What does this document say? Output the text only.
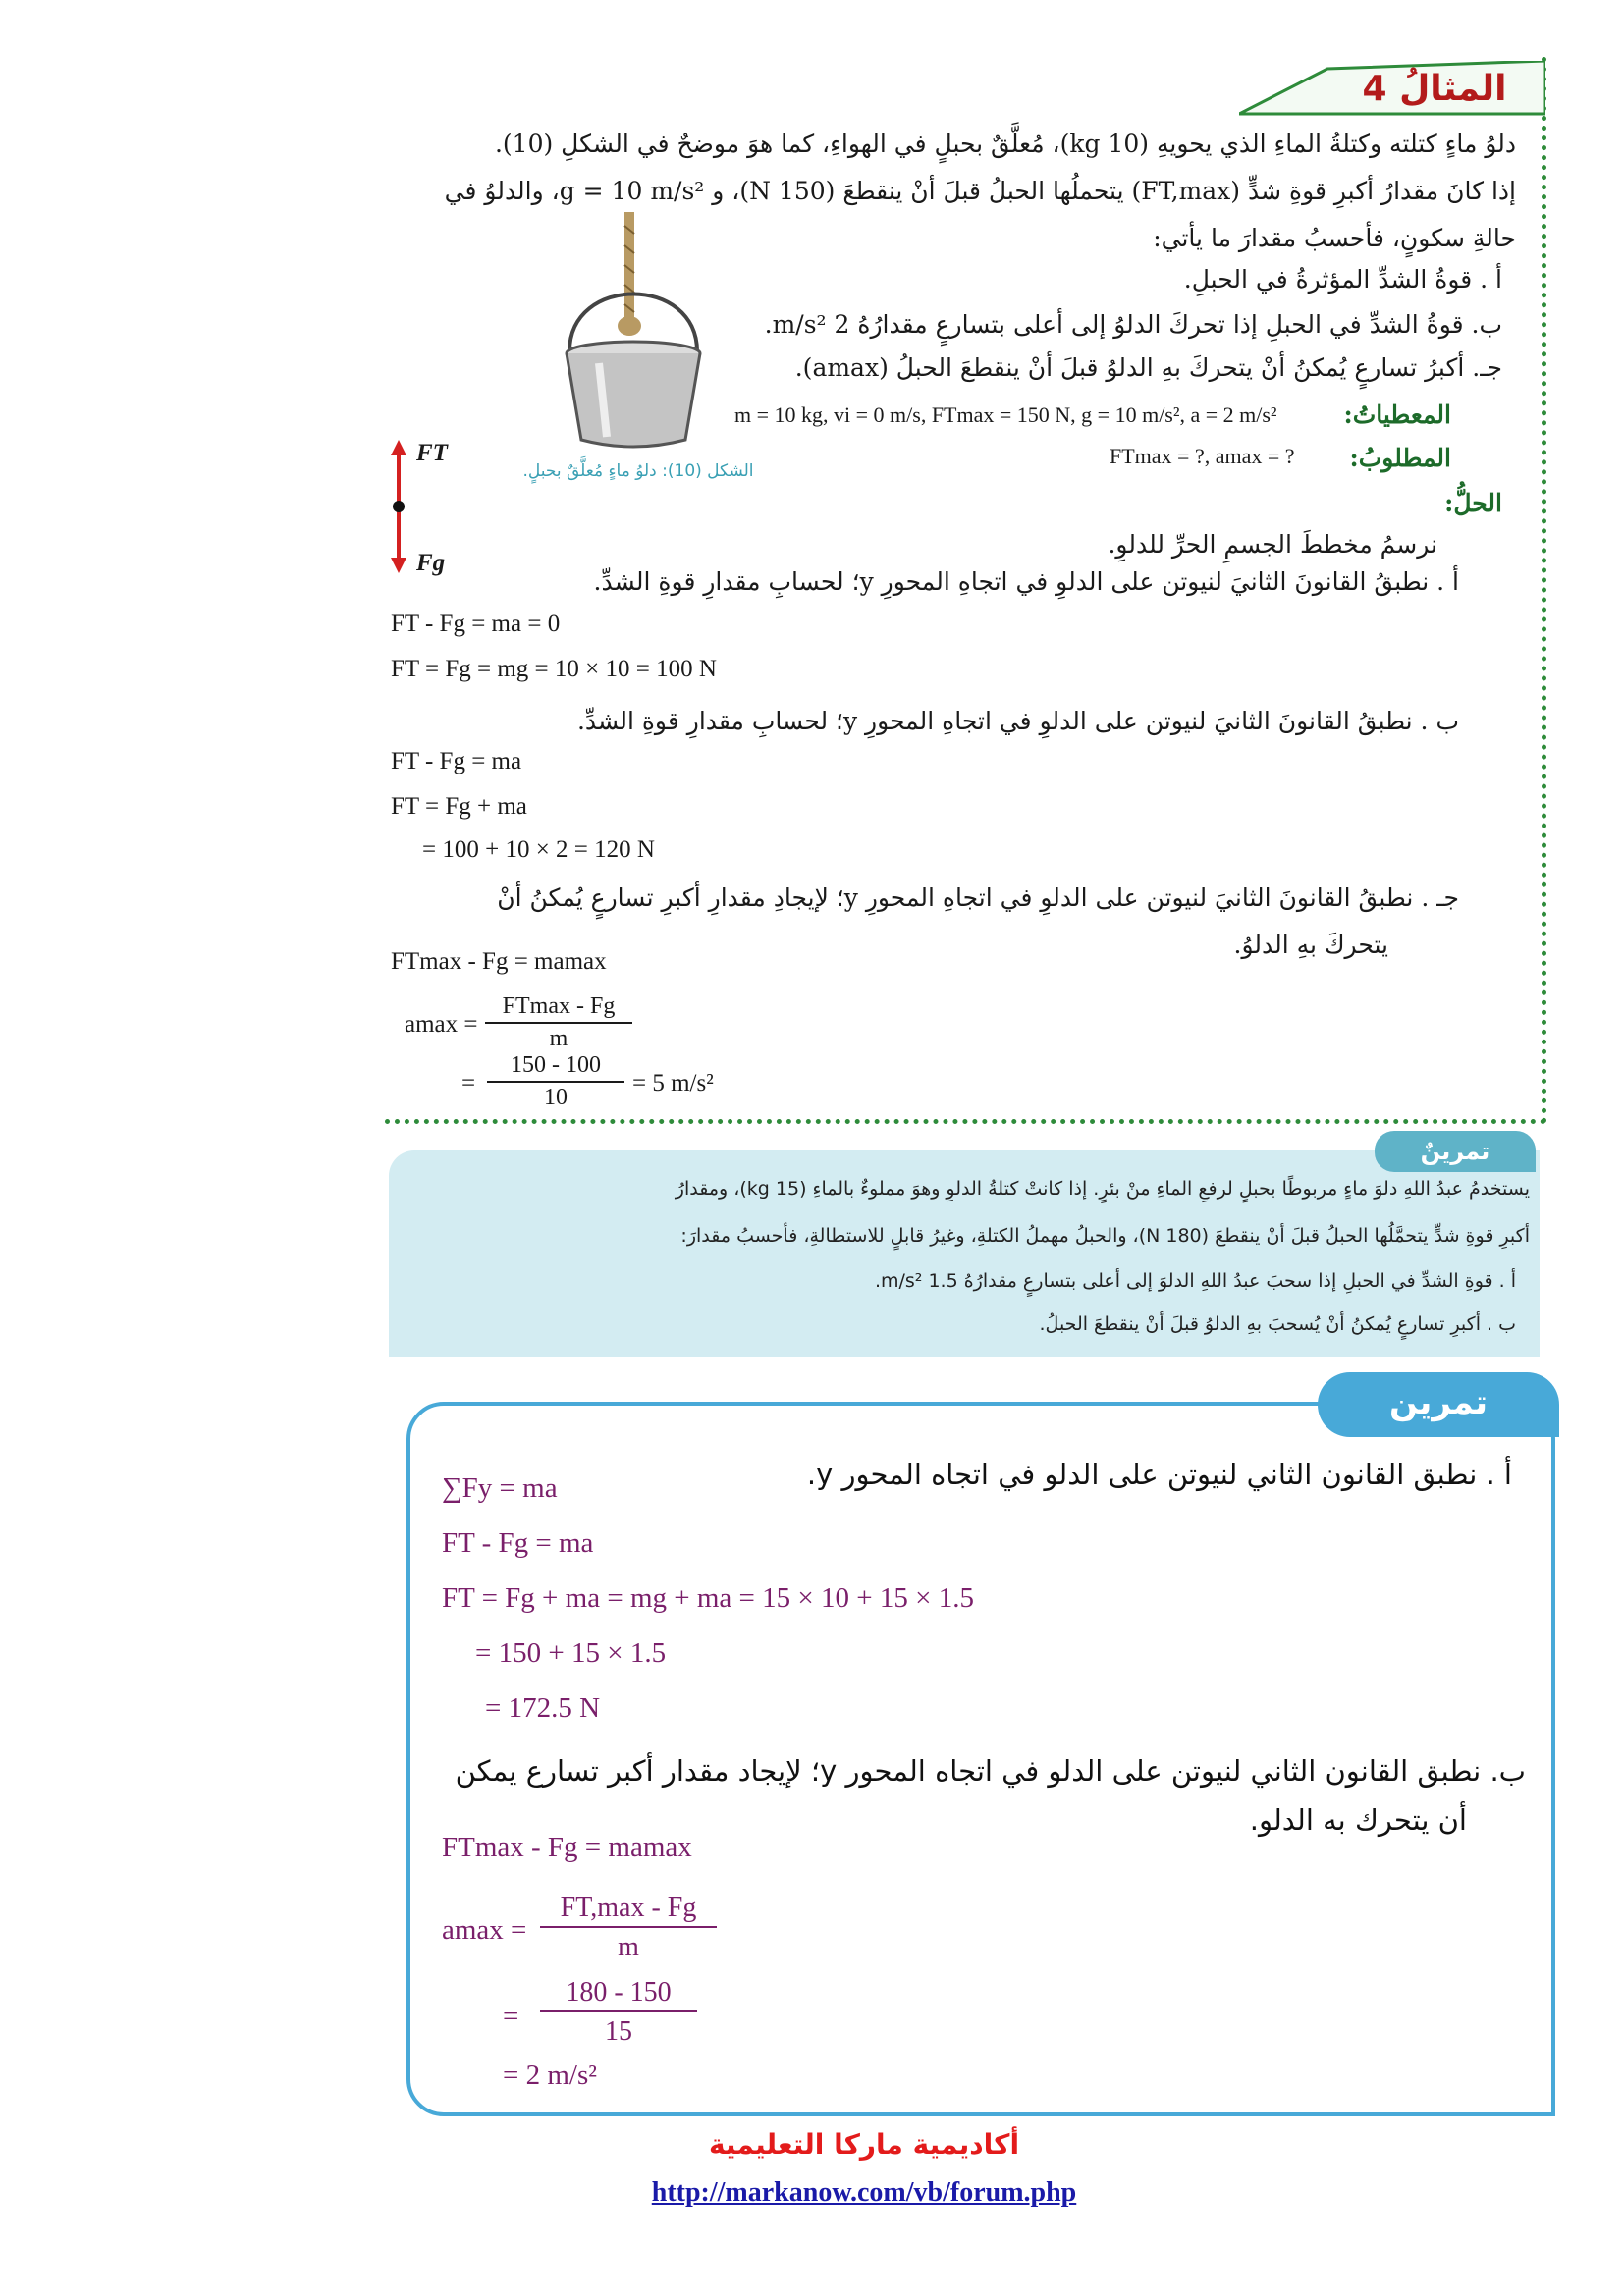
المثالُ 4
دلوُ ماءٍ كتلته وكتلةُ الماءِ الذي يحويهِ (10 kg)، مُعلَّقٌ بحبلٍ في الهواءِ، كما هوَ موضحٌ في الشكلِ (10).
إذا كانَ مقدارُ أكبرِ قوةِ شدٍّ (FT,max) يتحملُها الحبلُ قبلَ أنْ ينقطعَ (150 N)، و g = 10 m/s²، والدلوُ في
حالةِ سكونٍ، فأحسبُ مقدارَ ما يأتي:
أ . قوةُ الشدِّ المؤثرةُ في الحبلِ.
ب. قوةُ الشدِّ في الحبلِ إذا تحركَ الدلوُ إلى أعلى بتسارعٍ مقدارُهُ 2 m/s².
جـ. أكبرُ تسارعٍ يُمكنُ أنْ يتحركَ بهِ الدلوُ قبلَ أنْ ينقطعَ الحبلُ (amax).
الشكل (10): دلوُ ماءٍ مُعلَّقٌ بحبلٍ.
المعطياتُ:
m = 10 kg, vi = 0 m/s, FTmax = 150 N, g = 10 m/s², a = 2 m/s²
المطلوبُ:
FTmax = ?, amax = ?
الحلُّ:
FT
Fg
نرسمُ مخططَ الجسمِ الحرِّ للدلوِ.
أ . نطبقُ القانونَ الثانيَ لنيوتن على الدلوِ في اتجاهِ المحورِ y؛ لحسابِ مقدارِ قوةِ الشدِّ.
FT - Fg = ma = 0
FT = Fg = mg = 10 × 10 = 100 N
ب . نطبقُ القانونَ الثانيَ لنيوتن على الدلوِ في اتجاهِ المحورِ y؛ لحسابِ مقدارِ قوةِ الشدِّ.
FT - Fg = ma
FT = Fg + ma
= 100 + 10 × 2 = 120 N
جـ . نطبقُ القانونَ الثانيَ لنيوتن على الدلوِ في اتجاهِ المحورِ y؛ لإيجادِ مقدارِ أكبرِ تسارعٍ يُمكنُ أنْ
يتحركَ بهِ الدلوُ.
FTmax - Fg = mamax
amax =
FTmax - Fg
m
= $\frac{150 - 100}{10} = 5$ m/s²
تمرينٌ
يستخدمُ عبدُ اللهِ دلوَ ماءٍ مربوطًا بحبلٍ لرفعِ الماءِ منْ بئرٍ. إذا كانتْ كتلةُ الدلوِ وهوَ مملوءٌ بالماءِ (15 kg)، ومقدارُ
أكبرِ قوةِ شدٍّ يتحمَّلُها الحبلُ قبلَ أنْ ينقطعَ (180 N)، والحبلُ مهملُ الكتلةِ، وغيرُ قابلٍ للاستطالةِ، فأحسبُ مقدارَ:
أ . قوةِ الشدِّ في الحبلِ إذا سحبَ عبدُ اللهِ الدلوَ إلى أعلى بتسارعٍ مقدارُهُ 1.5 m/s².
ب . أكبرِ تسارعٍ يُمكنُ أنْ يُسحبَ بهِ الدلوُ قبلَ أنْ ينقطعَ الحبلُ.
تمرين
أ . نطبق القانون الثاني لنيوتن على الدلو في اتجاه المحور y.
∑Fy = ma
FT - Fg = ma
FT = Fg + ma = mg + ma = 15 × 10 + 15 × 1.5
= 150 + 15 × 1.5
= 172.5 N
ب. نطبق القانون الثاني لنيوتن على الدلو في اتجاه المحور y؛ لإيجاد مقدار أكبر تسارع يمكن
أن يتحرك به الدلو.
FTmax - Fg = mamax
amax =
FT,max - Fg
m
= $\frac{180 - 150}{15}$
= 2 m/s²
أكاديمية ماركا التعليمية
http://markanow.com/vb/forum.php
